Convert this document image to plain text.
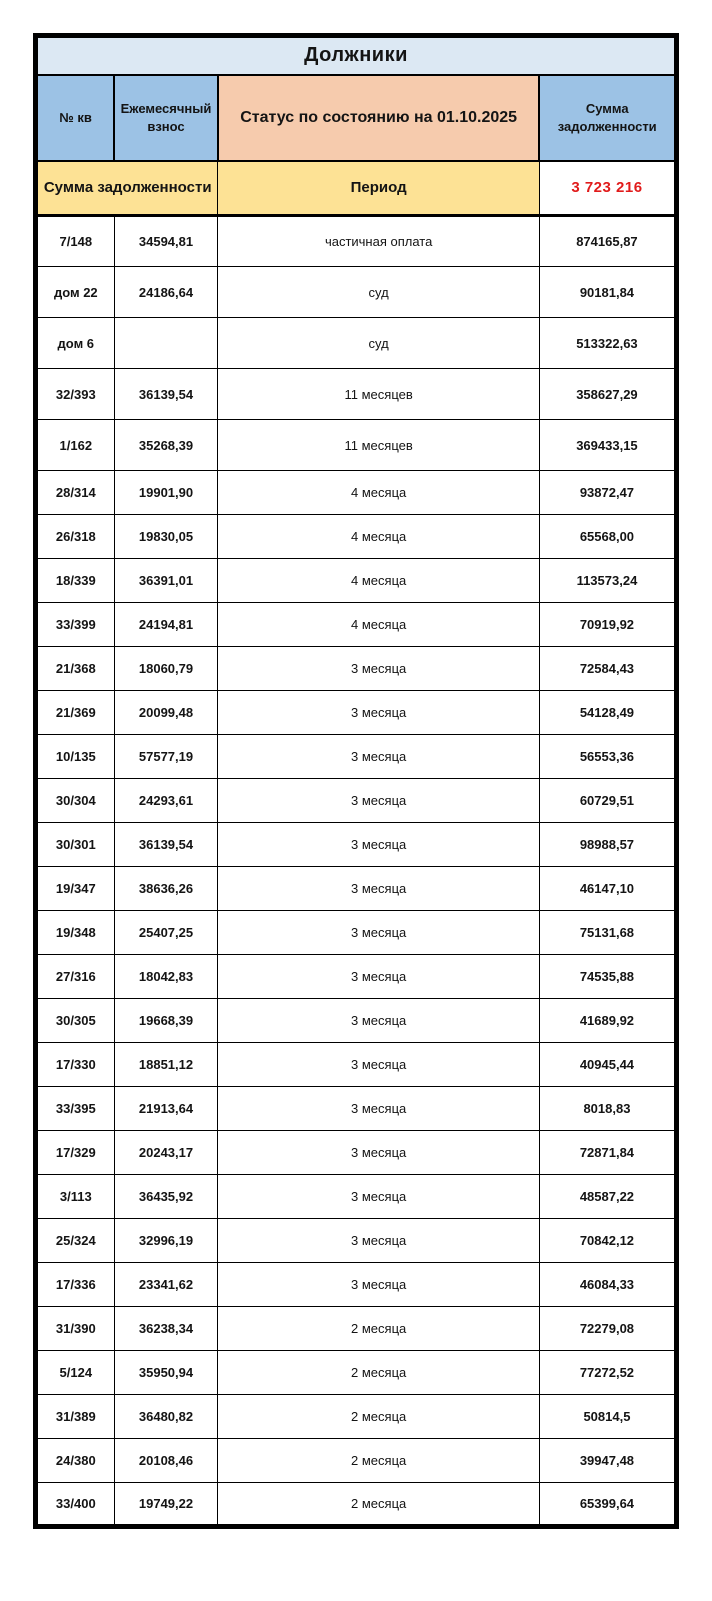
Должники			
№ кв	Ежемесячный взнос	Статус по состоянию на 01.10.2025	Сумма задолженности
Сумма задолженности		Период	3 723 216
7/148	34594,81	частичная оплата	874165,87
дом 22	24186,64	суд	90181,84
дом 6		суд	513322,63
32/393	36139,54	11 месяцев	358627,29
1/162	35268,39	11 месяцев	369433,15
28/314	19901,90	4 месяца	93872,47
26/318	19830,05	4 месяца	65568,00
18/339	36391,01	4 месяца	113573,24
33/399	24194,81	4 месяца	70919,92
21/368	18060,79	3 месяца	72584,43
21/369	20099,48	3 месяца	54128,49
10/135	57577,19	3 месяца	56553,36
30/304	24293,61	3 месяца	60729,51
30/301	36139,54	3 месяца	98988,57
19/347	38636,26	3 месяца	46147,10
19/348	25407,25	3 месяца	75131,68
27/316	18042,83	3 месяца	74535,88
30/305	19668,39	3 месяца	41689,92
17/330	18851,12	3 месяца	40945,44
33/395	21913,64	3 месяца	8018,83
17/329	20243,17	3 месяца	72871,84
3/113	36435,92	3 месяца	48587,22
25/324	32996,19	3 месяца	70842,12
17/336	23341,62	3 месяца	46084,33
31/390	36238,34	2 месяца	72279,08
5/124	35950,94	2 месяца	77272,52
31/389	36480,82	2 месяца	50814,5
24/380	20108,46	2 месяца	39947,48
33/400	19749,22	2 месяца	65399,64
